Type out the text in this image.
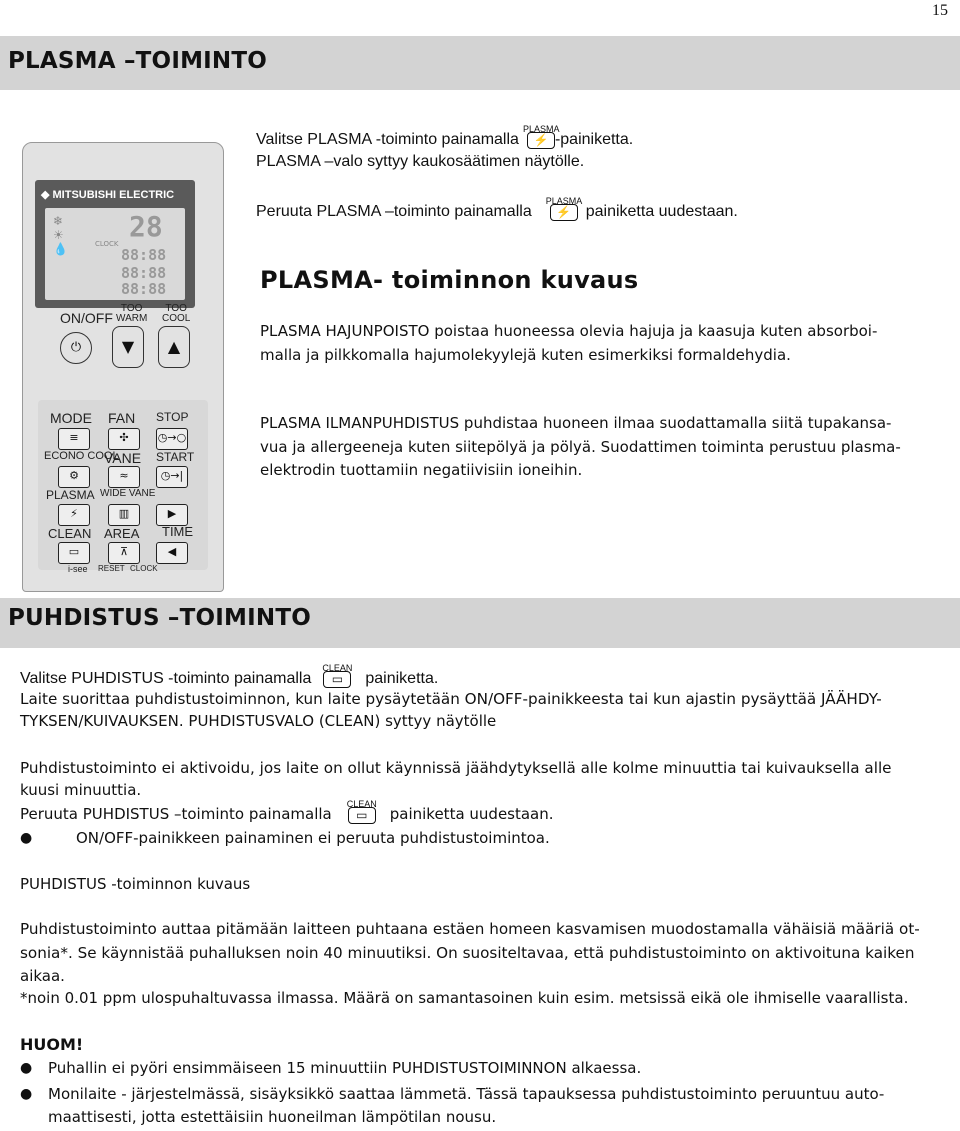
15
PLASMA –TOIMINTO
Valitse PLASMA -toiminto painamalla
PLASMA
⚡ -painiketta.
PLASMA –valo syttyy kaukosäätimen näytölle.
Peruuta PLASMA –toiminto painamalla
PLASMA
⚡ painiketta uudestaan.
PLASMA- toiminnon kuvaus
PLASMA HAJUNPOISTO poistaa huoneessa olevia hajuja ja kaasuja kuten absorboi-
malla ja pilkkomalla hajumolekyylejä kuten esimerkiksi formaldehydia.
PLASMA ILMANPUHDISTUS puhdistaa huoneen ilmaa suodattamalla siitä tupakansa-
vua ja allergeeneja kuten siitepölyä ja pölyä. Suodattimen toiminta perustuu plasma-
elektrodin tuottamiin negatiivisiin ioneihin.
◆ MITSUBISHI ELECTRIC
❄
☀
💧
28
CLOCK
88:88
88:88
88:88
ON/OFF
TOO
WARM
TOO
COOL
⏻	▼	▲
MODE FAN STOP
≡	✣	◷→○
ECONO COOL
VANE START
⚙	≈	◷→|
PLASMA WIDE VANE
⚡	▥	▶
CLEAN AREA TIME
▭	⊼	◀
i-see RESET CLOCK
PUHDISTUS –TOIMINTO
Valitse PUHDISTUS -toiminto painamalla
CLEAN
▭	painiketta.
Laite suorittaa puhdistustoiminnon, kun laite pysäytetään ON/OFF-painikkeesta tai kun ajastin pysäyttää JÄÄHDY-
TYKSEN/KUIVAUKSEN. PUHDISTUSVALO (CLEAN) syttyy näytölle
Puhdistustoiminto ei aktivoidu, jos laite on ollut käynnissä jäähdytyksellä alle kolme minuuttia tai kuivauksella alle
kuusi minuuttia.
Peruuta PUHDISTUS –toiminto painamalla
CLEAN
▭	painiketta uudestaan.
●	ON/OFF-painikkeen painaminen ei peruuta puhdistustoimintoa.
PUHDISTUS -toiminnon kuvaus
Puhdistustoiminto auttaa pitämään laitteen puhtaana estäen homeen kasvamisen muodostamalla vähäisiä määriä ot-
sonia*. Se käynnistää puhalluksen noin 40 minuutiksi. On suositeltavaa, että puhdistustoiminto on aktivoituna kaiken
aikaa.
*noin 0.01 ppm ulospuhaltuvassa ilmassa. Määrä on samantasoinen kuin esim. metsissä eikä ole ihmiselle vaarallista.
HUOM!
● Puhallin ei pyöri ensimmäiseen 15 minuuttiin PUHDISTUSTOIMINNON alkaessa.
● Monilaite - järjestelmässä, sisäyksikkö saattaa lämmetä. Tässä tapauksessa puhdistustoiminto peruuntuu auto-
maattisesti, jotta estettäisiin huoneilman lämpötilan nousu.
